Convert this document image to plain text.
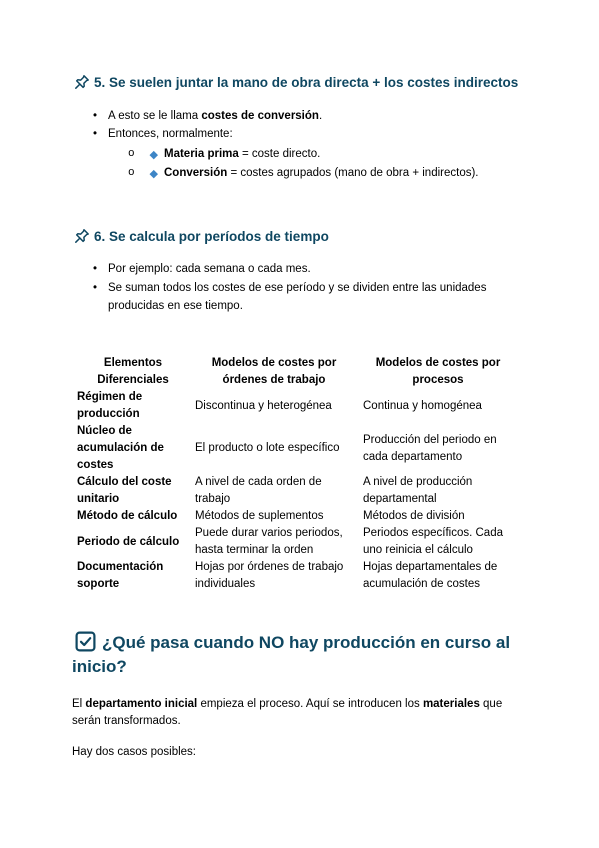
5. Se suelen juntar la mano de obra directa + los costes indirectos
• A esto se le llama costes de conversión.
• Entonces, normalmente:
o Materia prima = coste directo.
o Conversión = costes agrupados (mano de obra + indirectos).
6. Se calcula por períodos de tiempo
• Por ejemplo: cada semana o cada mes.
• Se suman todos los costes de ese período y se dividen entre las unidades producidas en ese tiempo.
Elementos Diferenciales	Modelos de costes por órdenes de trabajo	Modelos de costes por procesos
Régimen de producción	Discontinua y heterogénea	Continua y homogénea
Núcleo de acumulación de costes	El producto o lote específico	Producción del periodo en cada departamento
Cálculo del coste unitario	A nivel de cada orden de trabajo	A nivel de producción departamental
Método de cálculo	Métodos de suplementos	Métodos de división
Periodo de cálculo	Puede durar varios periodos, hasta terminar la orden	Periodos específicos. Cada uno reinicia el cálculo
Documentación soporte	Hojas por órdenes de trabajo individuales	Hojas departamentales de acumulación de costes
¿Qué pasa cuando NO hay producción en curso al inicio?

El departamento inicial empieza el proceso. Aquí se introducen los materiales que serán transformados.

Hay dos casos posibles:
